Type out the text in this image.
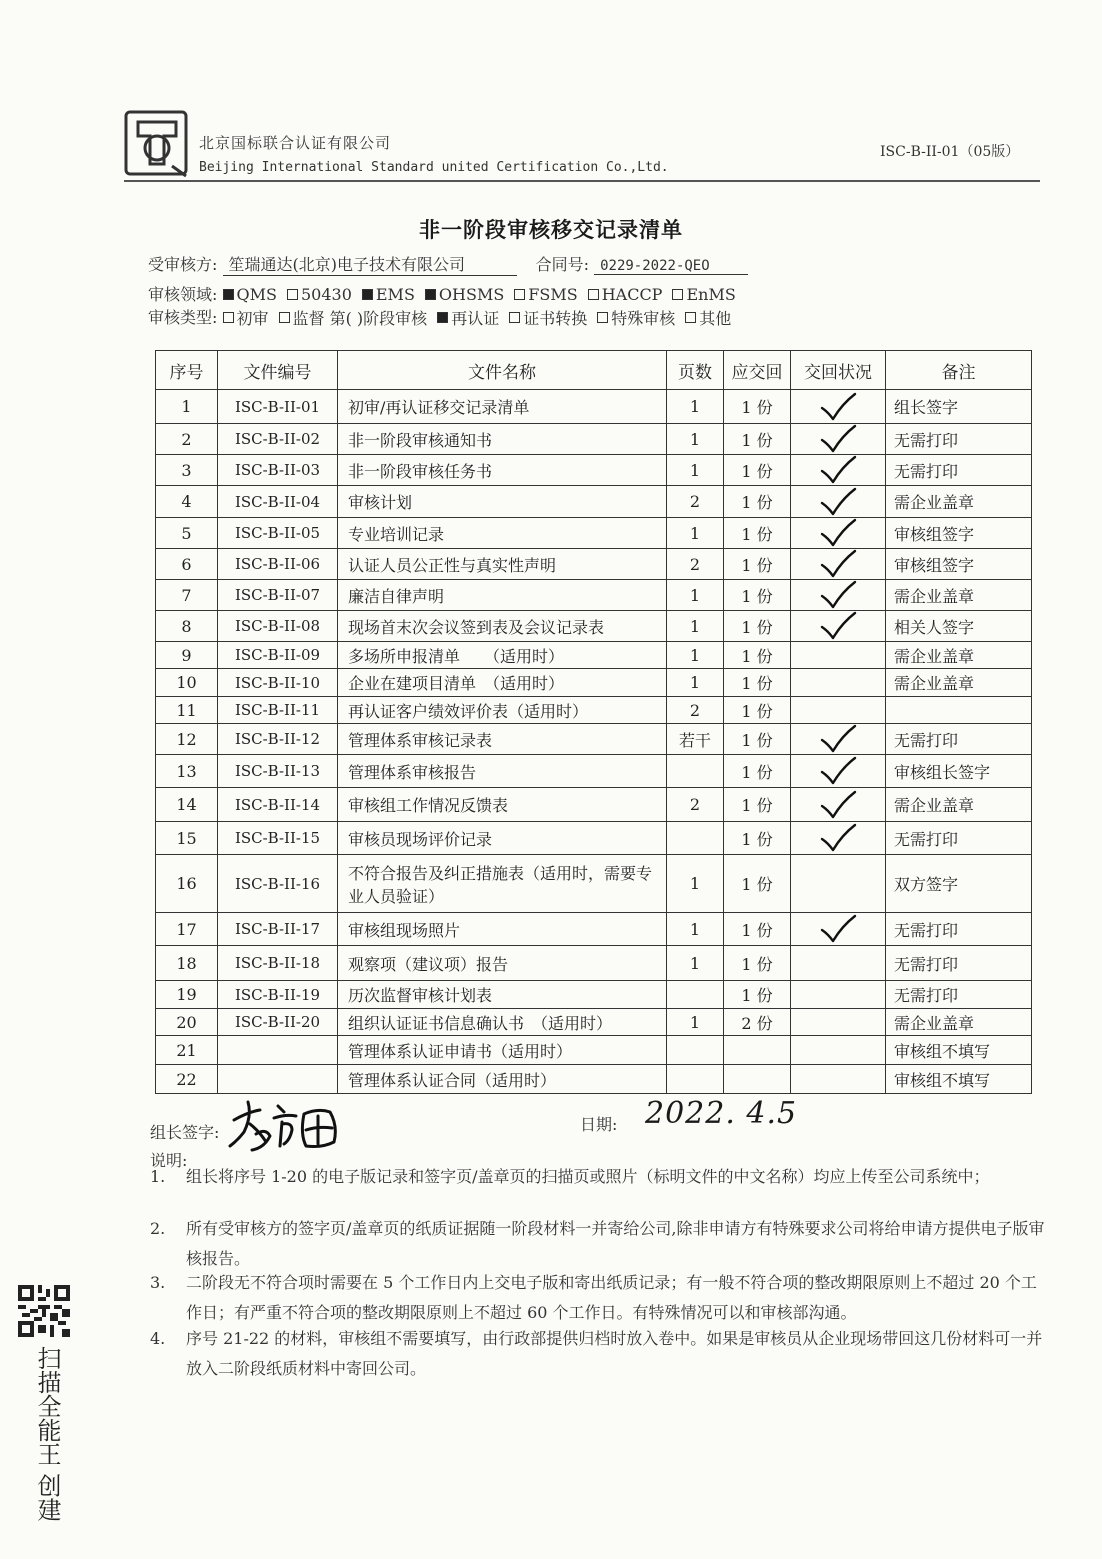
北京国标联合认证有限公司
Beijing International Standard united Certification Co.,Ltd.
ISC-B-II-01（05版）
非一阶段审核移交记录清单
受审核方: 笙瑞通达(北京)电子技术有限公司	合同号: 0229-2022-QEO
审核领域: QMS 50430 EMS OHSMS FSMS HACCP EnMS
审核类型: 初审 监督 第( )阶段审核 再认证 证书转换 特殊审核 其他
序号	文件编号	文件名称	页数	应交回	交回状况	备注
1	ISC-B-II-01	初审/再认证移交记录清单	1	1 份		组长签字
2	ISC-B-II-02	非一阶段审核通知书	1	1 份		无需打印
3	ISC-B-II-03	非一阶段审核任务书	1	1 份		无需打印
4	ISC-B-II-04	审核计划	2	1 份		需企业盖章
5	ISC-B-II-05	专业培训记录	1	1 份		审核组签字
6	ISC-B-II-06	认证人员公正性与真实性声明	2	1 份		审核组签字
7	ISC-B-II-07	廉洁自律声明	1	1 份		需企业盖章
8	ISC-B-II-08	现场首末次会议签到表及会议记录表	1	1 份		相关人签字
9	ISC-B-II-09	多场所申报清单　　（适用时）	1	1 份		需企业盖章
10	ISC-B-II-10	企业在建项目清单　（适用时）	1	1 份		需企业盖章
11	ISC-B-II-11	再认证客户绩效评价表（适用时）	2	1 份		
12	ISC-B-II-12	管理体系审核记录表	若干	1 份		无需打印
13	ISC-B-II-13	管理体系审核报告		1 份		审核组长签字
14	ISC-B-II-14	审核组工作情况反馈表	2	1 份		需企业盖章
15	ISC-B-II-15	审核员现场评价记录		1 份		无需打印
16	ISC-B-II-16	不符合报告及纠正措施表（适用时，需要专业人员验证）	1	1 份		双方签字
17	ISC-B-II-17	审核组现场照片	1	1 份		无需打印
18	ISC-B-II-18	观察项（建议项）报告	1	1 份		无需打印
19	ISC-B-II-19	历次监督审核计划表		1 份		无需打印
20	ISC-B-II-20	组织认证证书信息确认书　（适用时）	1	2 份		需企业盖章
21		管理体系认证申请书（适用时）				审核组不填写
22		管理体系认证合同（适用时）				审核组不填写
组长签字:	日期: 2022. 4.5
说明:
1. 组长将序号 1-20 的电子版记录和签字页/盖章页的扫描页或照片（标明文件的中文名称）均应上传至公司系统中；
2. 所有受审核方的签字页/盖章页的纸质证据随一阶段材料一并寄给公司,除非申请方有特殊要求公司将给申请方提供电子版审核报告。
3. 二阶段无不符合项时需要在 5 个工作日内上交电子版和寄出纸质记录；有一般不符合项的整改期限原则上不超过 20 个工作日；有严重不符合项的整改期限原则上不超过 60 个工作日。有特殊情况可以和审核部沟通。
4. 序号 21-22 的材料，审核组不需要填写，由行政部提供归档时放入卷中。如果是审核员从企业现场带回这几份材料可一并放入二阶段纸质材料中寄回公司。
扫描全能王 创建
